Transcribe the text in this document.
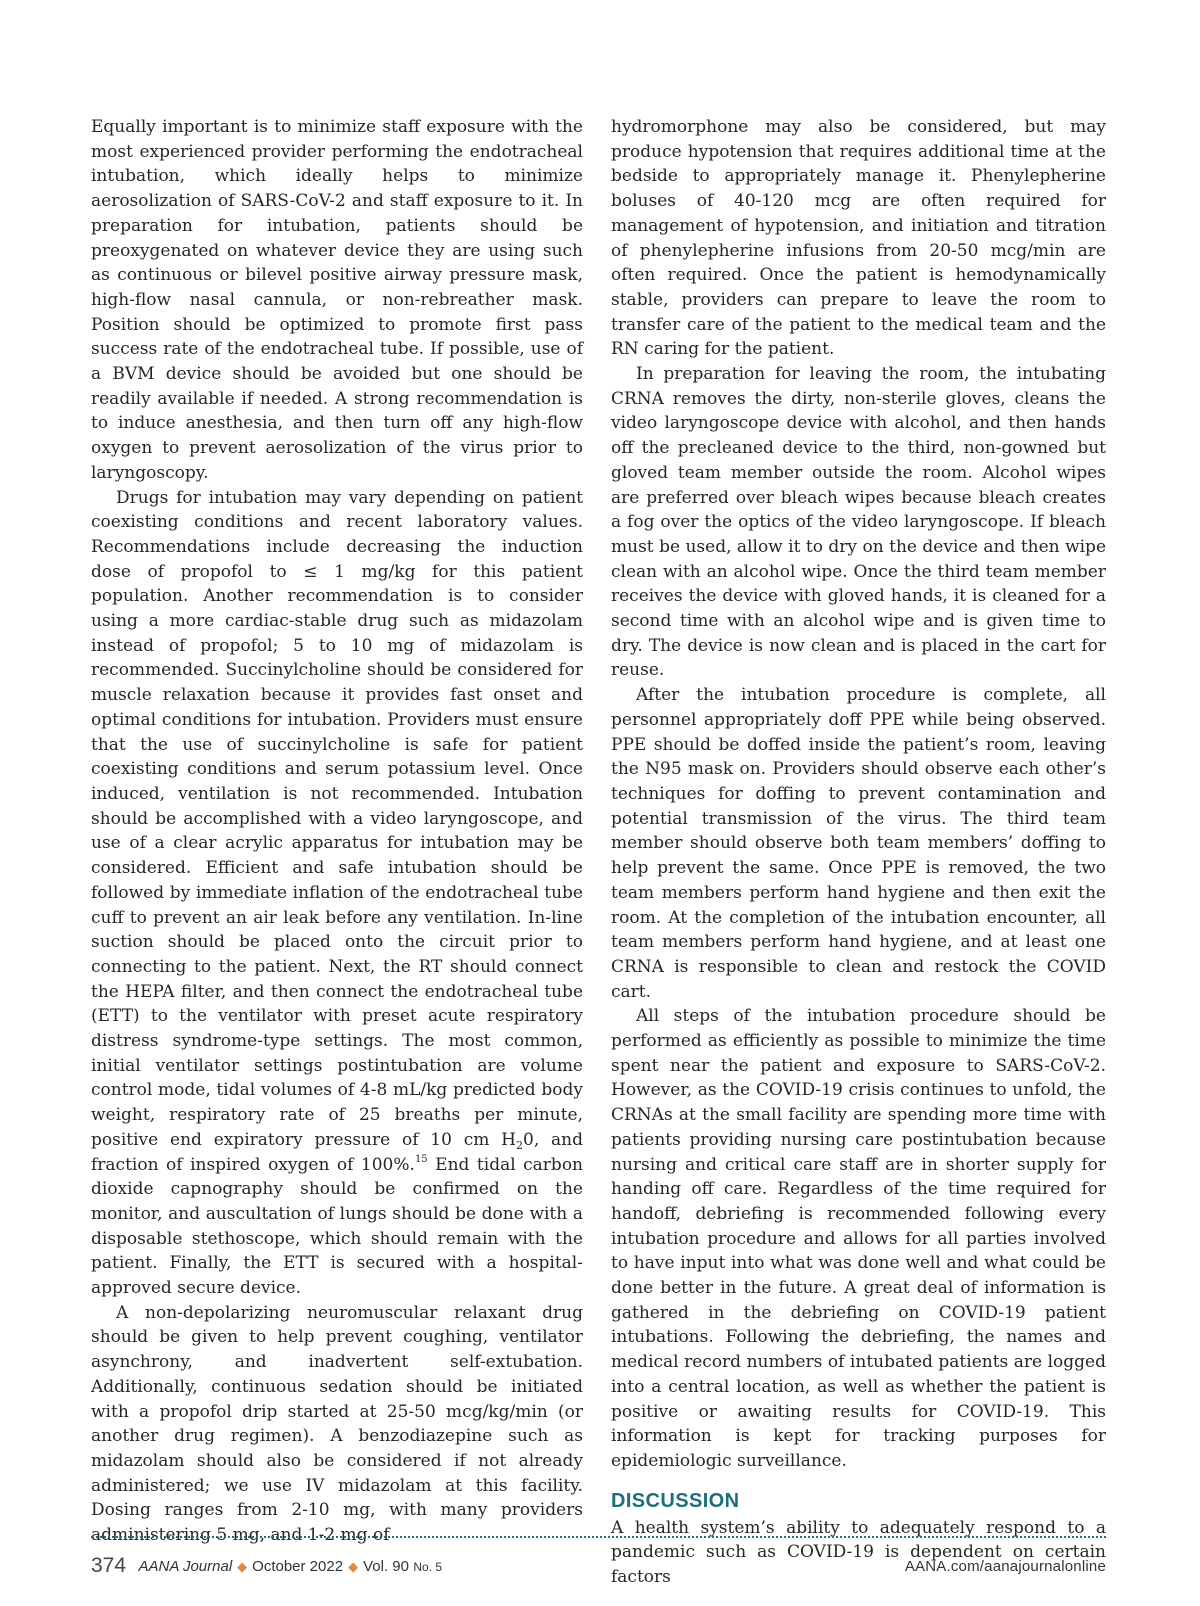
Equally important is to minimize staff exposure with the most experienced provider performing the endotracheal intubation, which ideally helps to minimize aerosolization of SARS-CoV-2 and staff exposure to it. In preparation for intubation, patients should be preoxygenated on whatever device they are using such as continuous or bilevel positive airway pressure mask, high-flow nasal cannula, or non-rebreather mask. Position should be optimized to promote first pass success rate of the endotracheal tube. If possible, use of a BVM device should be avoided but one should be readily available if needed. A strong recommendation is to induce anesthesia, and then turn off any high-flow oxygen to prevent aerosolization of the virus prior to laryngoscopy.

Drugs for intubation may vary depending on patient coexisting conditions and recent laboratory values. Recommendations include decreasing the induction dose of propofol to ≤ 1 mg/kg for this patient population. Another recommendation is to consider using a more cardiac-stable drug such as midazolam instead of propofol; 5 to 10 mg of midazolam is recommended. Succinylcholine should be considered for muscle relaxation because it provides fast onset and optimal conditions for intubation. Providers must ensure that the use of succinylcholine is safe for patient coexisting conditions and serum potassium level. Once induced, ventilation is not recommended. Intubation should be accomplished with a video laryngoscope, and use of a clear acrylic apparatus for intubation may be considered. Efficient and safe intubation should be followed by immediate inflation of the endotracheal tube cuff to prevent an air leak before any ventilation. In-line suction should be placed onto the circuit prior to connecting to the patient. Next, the RT should connect the HEPA filter, and then connect the endotracheal tube (ETT) to the ventilator with preset acute respiratory distress syndrome-type settings. The most common, initial ventilator settings postintubation are volume control mode, tidal volumes of 4-8 mL/kg predicted body weight, respiratory rate of 25 breaths per minute, positive end expiratory pressure of 10 cm $H_20$, and fraction of inspired oxygen of 100%.$^{15}$ End tidal carbon dioxide capnography should be confirmed on the monitor, and auscultation of lungs should be done with a disposable stethoscope, which should remain with the patient. Finally, the ETT is secured with a hospital-approved secure device.

A non-depolarizing neuromuscular relaxant drug should be given to help prevent coughing, ventilator asynchrony, and inadvertent self-extubation. Additionally, continuous sedation should be initiated with a propofol drip started at 25-50 mcg/kg/min (or another drug regimen). A benzodiazepine such as midazolam should also be considered if not already administered; we use IV midazolam at this facility. Dosing ranges from 2-10 mg, with many providers administering 5 mg, and 1-2 mg of

hydromorphone may also be considered, but may produce hypotension that requires additional time at the bedside to appropriately manage it. Phenylepherine boluses of 40-120 mcg are often required for management of hypotension, and initiation and titration of phenylepherine infusions from 20-50 mcg/min are often required. Once the patient is hemodynamically stable, providers can prepare to leave the room to transfer care of the patient to the medical team and the RN caring for the patient.

In preparation for leaving the room, the intubating CRNA removes the dirty, non-sterile gloves, cleans the video laryngoscope device with alcohol, and then hands off the precleaned device to the third, non-gowned but gloved team member outside the room. Alcohol wipes are preferred over bleach wipes because bleach creates a fog over the optics of the video laryngoscope. If bleach must be used, allow it to dry on the device and then wipe clean with an alcohol wipe. Once the third team member receives the device with gloved hands, it is cleaned for a second time with an alcohol wipe and is given time to dry. The device is now clean and is placed in the cart for reuse.

After the intubation procedure is complete, all personnel appropriately doff PPE while being observed. PPE should be doffed inside the patient’s room, leaving the N95 mask on. Providers should observe each other’s techniques for doffing to prevent contamination and potential transmission of the virus. The third team member should observe both team members’ doffing to help prevent the same. Once PPE is removed, the two team members perform hand hygiene and then exit the room. At the completion of the intubation encounter, all team members perform hand hygiene, and at least one CRNA is responsible to clean and restock the COVID cart.

All steps of the intubation procedure should be performed as efficiently as possible to minimize the time spent near the patient and exposure to SARS-CoV-2. However, as the COVID-19 crisis continues to unfold, the CRNAs at the small facility are spending more time with patients providing nursing care postintubation because nursing and critical care staff are in shorter supply for handing off care. Regardless of the time required for handoff, debriefing is recommended following every intubation procedure and allows for all parties involved to have input into what was done well and what could be done better in the future. A great deal of information is gathered in the debriefing on COVID-19 patient intubations. Following the debriefing, the names and medical record numbers of intubated patients are logged into a central location, as well as whether the patient is positive or awaiting results for COVID-19. This information is kept for tracking purposes for epidemiologic surveillance.

DISCUSSION

A health system’s ability to adequately respond to a pandemic such as COVID-19 is dependent on certain factors

374 AANA Journal ◆ October 2022 ◆ Vol. 90 No. 5	AANA.com/aanajournalonline
